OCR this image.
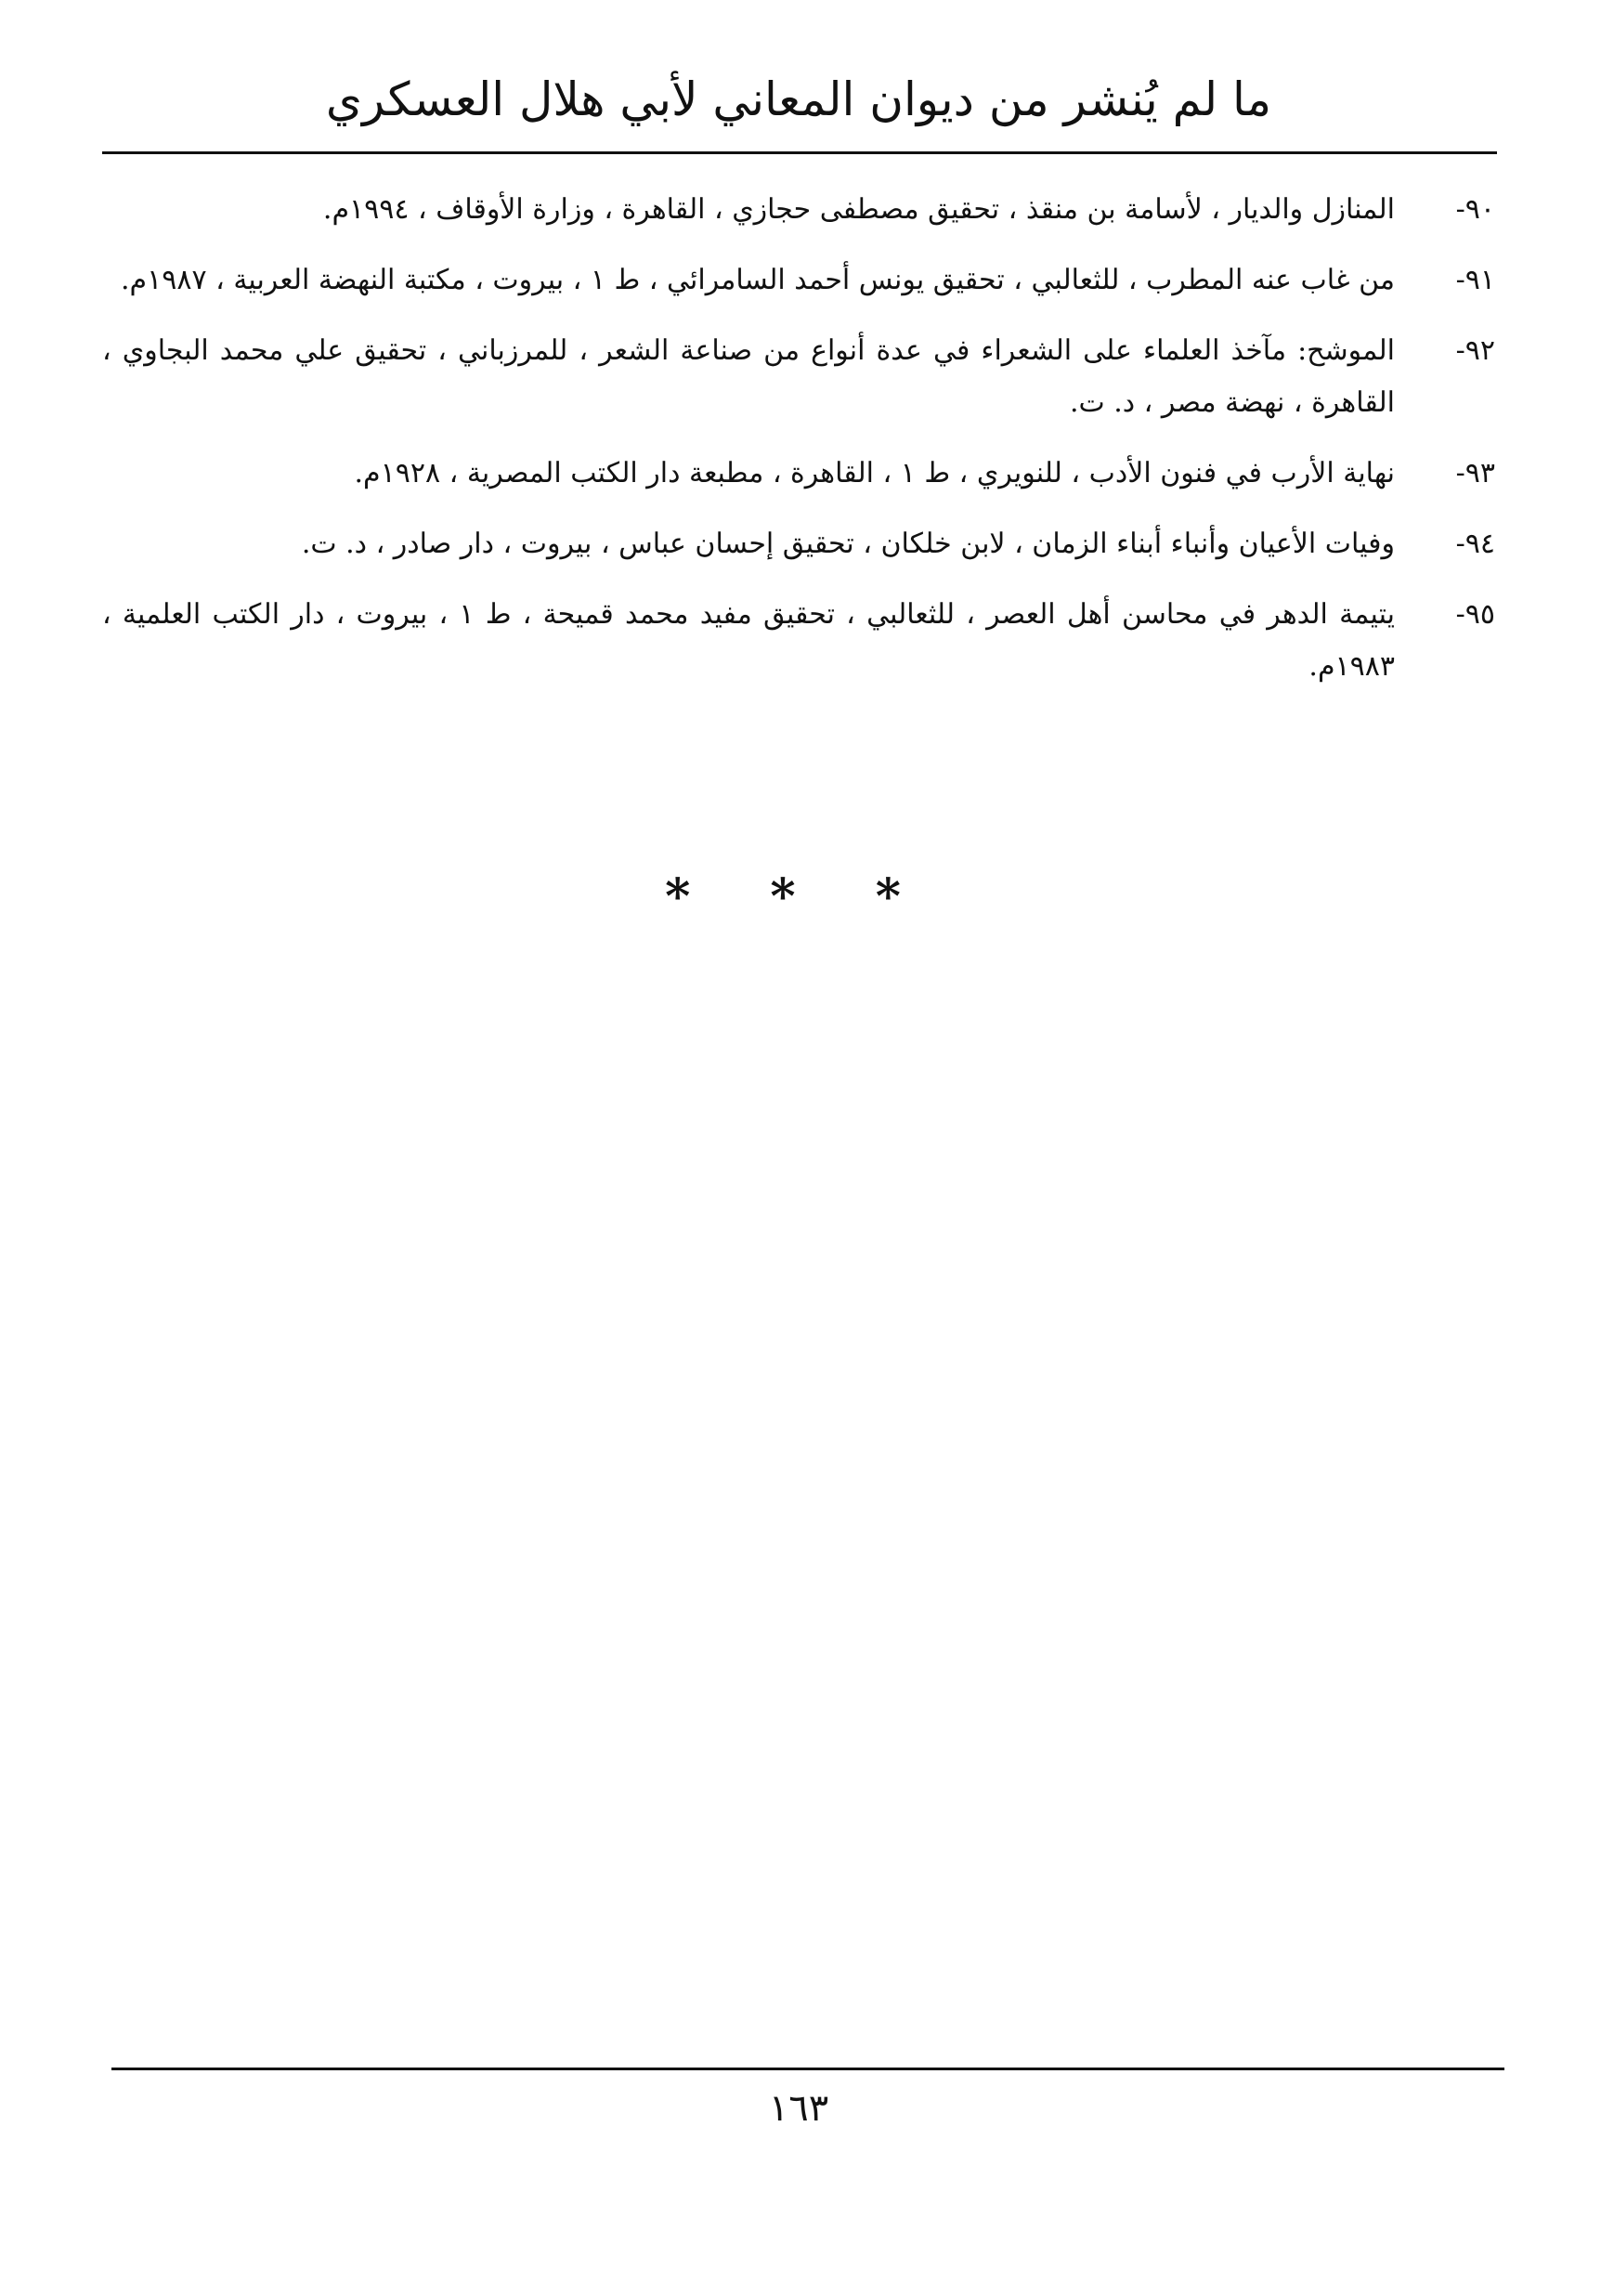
ما لم يُنشر من ديوان المعاني لأبي هلال العسكري
٩٠-
المنازل والديار ، لأسامة بن منقذ ، تحقيق مصطفى حجازي ، القاهرة ، وزارة الأوقاف ، ١٩٩٤م.
٩١-
من غاب عنه المطرب ، للثعالبي ، تحقيق يونس أحمد السامرائي ، ط ١ ، بيروت ، مكتبة النهضة العربية ، ١٩٨٧م.
٩٢-
الموشح: مآخذ العلماء على الشعراء في عدة أنواع من صناعة الشعر ، للمرزباني ، تحقيق علي محمد البجاوي ، القاهرة ، نهضة مصر ، د. ت.
٩٣-
نهاية الأرب في فنون الأدب ، للنويري ، ط ١ ، القاهرة ، مطبعة دار الكتب المصرية ، ١٩٢٨م.
٩٤-
وفيات الأعيان وأنباء أبناء الزمان ، لابن خلكان ، تحقيق إحسان عباس ، بيروت ، دار صادر ، د. ت.
٩٥-
يتيمة الدهر في محاسن أهل العصر ، للثعالبي ، تحقيق مفيد محمد قميحة ، ط ١ ، بيروت ، دار الكتب العلمية ، ١٩٨٣م.
* * *
١٦٣
